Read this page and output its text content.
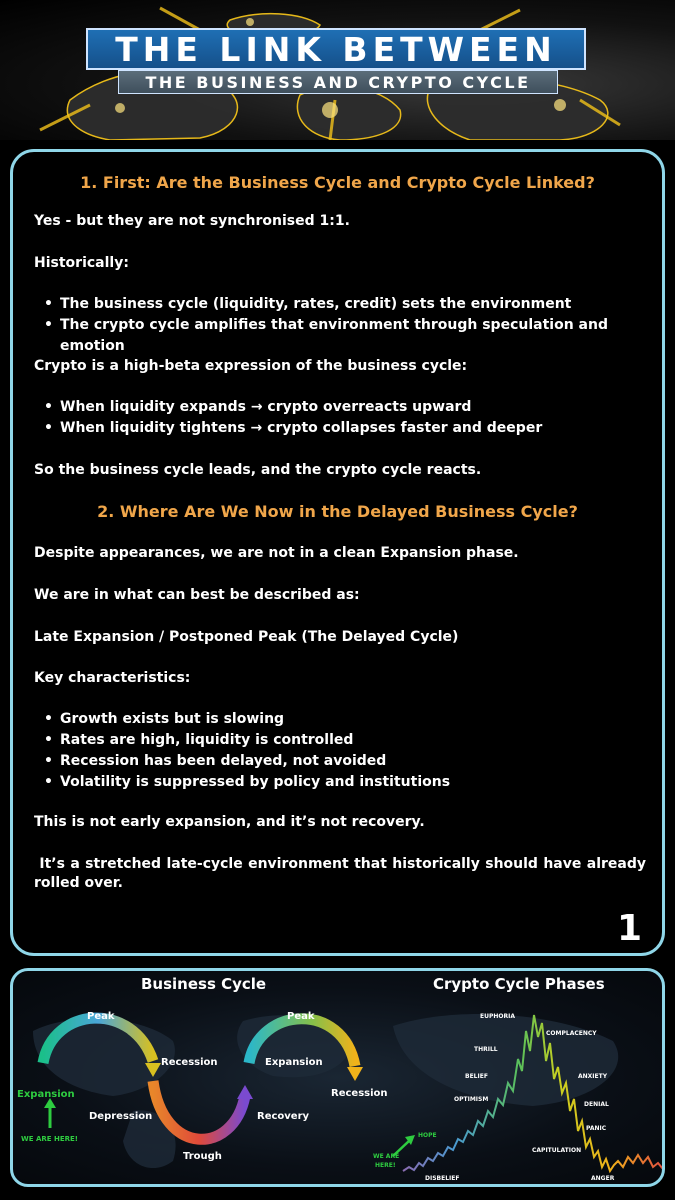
THE LINK BETWEEN
THE BUSINESS AND CRYPTO CYCLE
1. First: Are the Business Cycle and Crypto Cycle Linked?

Yes - but they are not synchronised 1:1.

Historically:

• The business cycle (liquidity, rates, credit) sets the environment
• The crypto cycle amplifies that environment through speculation and emotion

Crypto is a high-beta expression of the business cycle:

• When liquidity expands → crypto overreacts upward
• When liquidity tightens → crypto collapses faster and deeper

So the business cycle leads, and the crypto cycle reacts.

2. Where Are We Now in the Delayed Business Cycle?

Despite appearances, we are not in a clean Expansion phase.

We are in what can best be described as:

Late Expansion / Postponed Peak (The Delayed Cycle)

Key characteristics:

• Growth exists but is slowing
• Rates are high, liquidity is controlled
• Recession has been delayed, not avoided
• Volatility is suppressed by policy and institutions

This is not early expansion, and it’s not recovery.

It’s a stretched late-cycle environment that historically should have already rolled over.

1
Business Cycle	Crypto Cycle Phases
Peak	Peak
Recession
Recession
Expansion
Expansion
Depression
Trough
Recovery
WE ARE HERE!
EUPHORIA
COMPLACENCY
THRILL
BELIEF	ANXIETY
OPTIMISM
DENIAL
PANIC
HOPE
WE ARE
HERE!
CAPITULATION
DISBELIEF	ANGER
